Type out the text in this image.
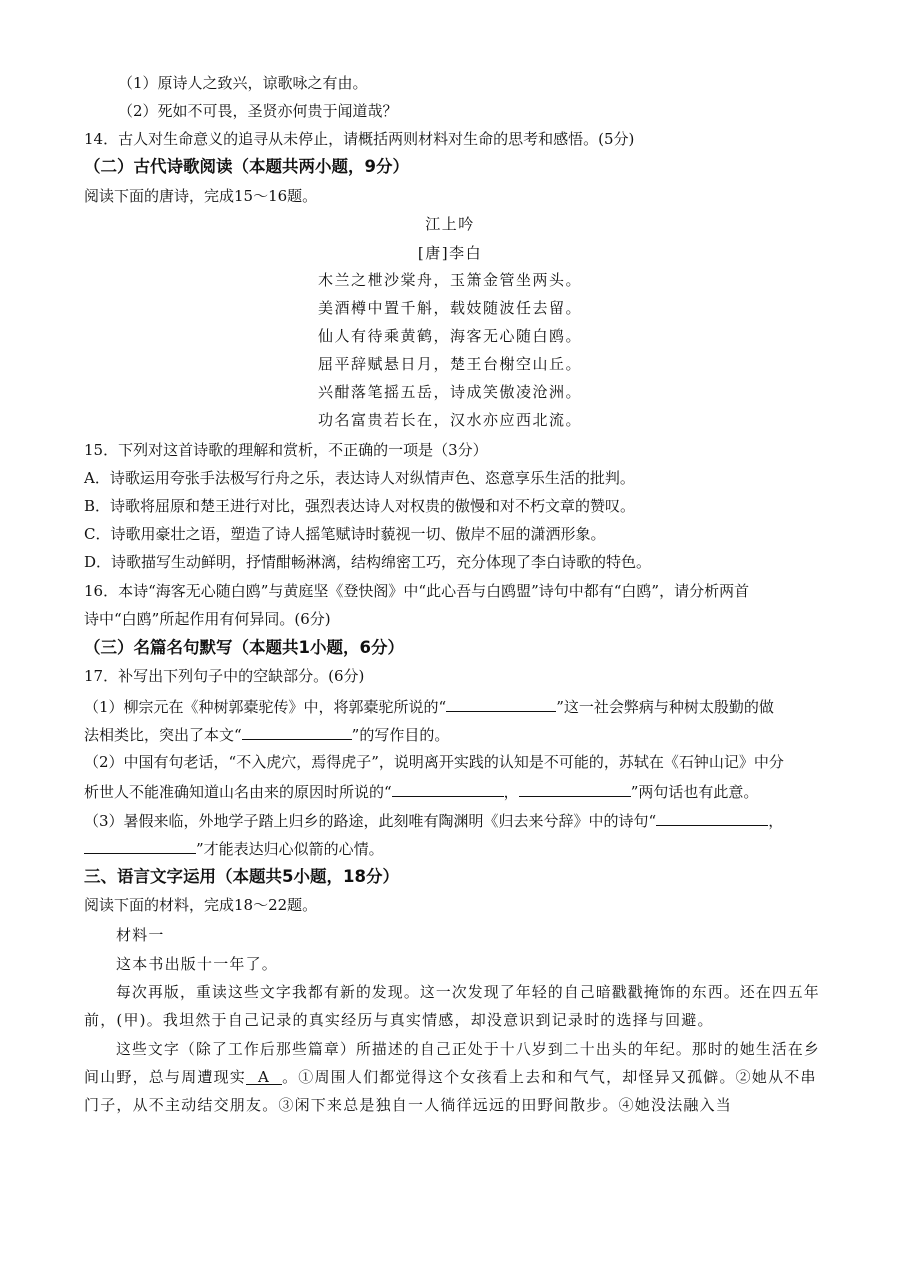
（1）原诗人之致兴，谅歌咏之有由。
（2）死如不可畏，圣贤亦何贵于闻道哉？
14．古人对生命意义的追寻从未停止，请概括两则材料对生命的思考和感悟。(5分)
（二）古代诗歌阅读（本题共两小题，9分）
阅读下面的唐诗，完成15～16题。
江上吟
[唐]李白
木兰之枻沙棠舟，玉箫金管坐两头。
美酒樽中置千斛，载妓随波任去留。
仙人有待乘黄鹤，海客无心随白鸥。
屈平辞赋悬日月，楚王台榭空山丘。
兴酣落笔摇五岳，诗成笑傲凌沧洲。
功名富贵若长在，汉水亦应西北流。
15．下列对这首诗歌的理解和赏析，不正确的一项是（3分）
A．诗歌运用夸张手法极写行舟之乐，表达诗人对纵情声色、恣意享乐生活的批判。
B．诗歌将屈原和楚王进行对比，强烈表达诗人对权贵的傲慢和对不朽文章的赞叹。
C．诗歌用豪壮之语，塑造了诗人摇笔赋诗时藐视一切、傲岸不屈的潇洒形象。
D．诗歌描写生动鲜明，抒情酣畅淋漓，结构绵密工巧，充分体现了李白诗歌的特色。
16．本诗“海客无心随白鸥”与黄庭坚《登快阁》中“此心吾与白鸥盟”诗句中都有“白鸥”，请分析两首
诗中“白鸥”所起作用有何异同。(6分)
（三）名篇名句默写（本题共1小题，6分）
17．补写出下列句子中的空缺部分。(6分)
（1）柳宗元在《种树郭橐驼传》中，将郭橐驼所说的“	”这一社会弊病与种树太殷勤的做
法相类比，突出了本文“	”的写作目的。
（2）中国有句老话，“不入虎穴，焉得虎子”，说明离开实践的认知是不可能的，苏轼在《石钟山记》中分
析世人不能准确知道山名由来的原因时所说的“	，	”两句话也有此意。
（3）暑假来临，外地学子踏上归乡的路途，此刻唯有陶渊明《归去来兮辞》中的诗句“	，
”才能表达归心似箭的心情。
三、语言文字运用（本题共5小题，18分）
阅读下面的材料，完成18～22题。
材料一
这本书出版十一年了。
每次再版，重读这些文字我都有新的发现。这一次发现了年轻的自己暗戳戳掩饰的东西。还在四五年
前，(甲)。我坦然于自己记录的真实经历与真实情感，却没意识到记录时的选择与回避。
这些文字（除了工作后那些篇章）所描述的自己正处于十八岁到二十出头的年纪。那时的她生活在乡
间山野，总与周遭现实 A 。①周围人们都觉得这个女孩看上去和和气气，却怪异又孤僻。②她从不串
门子，从不主动结交朋友。③闲下来总是独自一人徜徉远远的田野间散步。④她没法融入当
